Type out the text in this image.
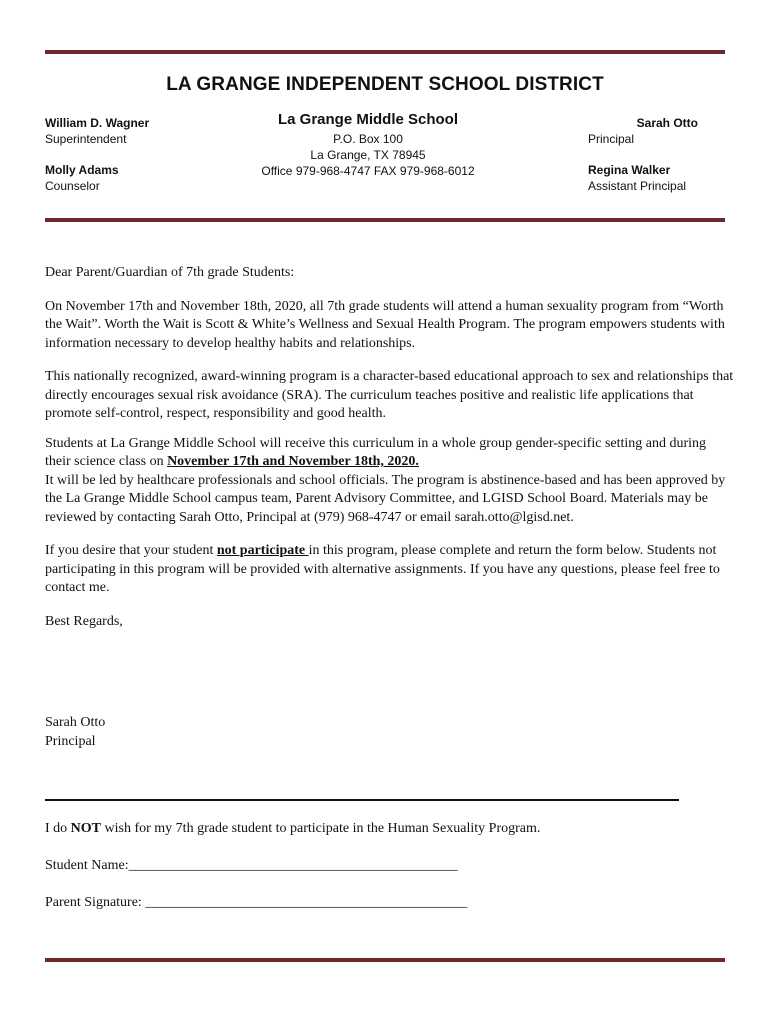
LA GRANGE INDEPENDENT SCHOOL DISTRICT
William D. Wagner
Superintendent
Molly Adams
Counselor
La Grange Middle School
P.O. Box 100
La Grange, TX 78945
Office 979-968-4747 FAX 979-968-6012
Sarah Otto
Principal
Regina Walker
Assistant Principal

Dear Parent/Guardian of 7th grade Students:

On November 17th and November 18th, 2020, all 7th grade students will attend a human sexuality program from “Worth the Wait”. Worth the Wait is Scott & White’s Wellness and Sexual Health Program. The program empowers students with information necessary to develop healthy habits and relationships.

This nationally recognized, award-winning program is a character-based educational approach to sex and relationships that directly encourages sexual risk avoidance (SRA). The curriculum teaches positive and realistic life applications that promote self-control, respect, responsibility and good health.

Students at La Grange Middle School will receive this curriculum in a whole group gender-specific setting and during their science class on November 17th and November 18th, 2020.
It will be led by healthcare professionals and school officials. The program is abstinence-based and has been approved by the La Grange Middle School campus team, Parent Advisory Committee, and LGISD School Board. Materials may be reviewed by contacting Sarah Otto, Principal at (979) 968-4747 or email sarah.otto@lgisd.net.

If you desire that your student not participate in this program, please complete and return the form below. Students not participating in this program will be provided with alternative assignments. If you have any questions, please feel free to contact me.

Best Regards,

Sarah Otto
Principal
I do NOT wish for my 7th grade student to participate in the Human Sexuality Program.
Student Name:_______________________________________________
Parent Signature: ______________________________________________
